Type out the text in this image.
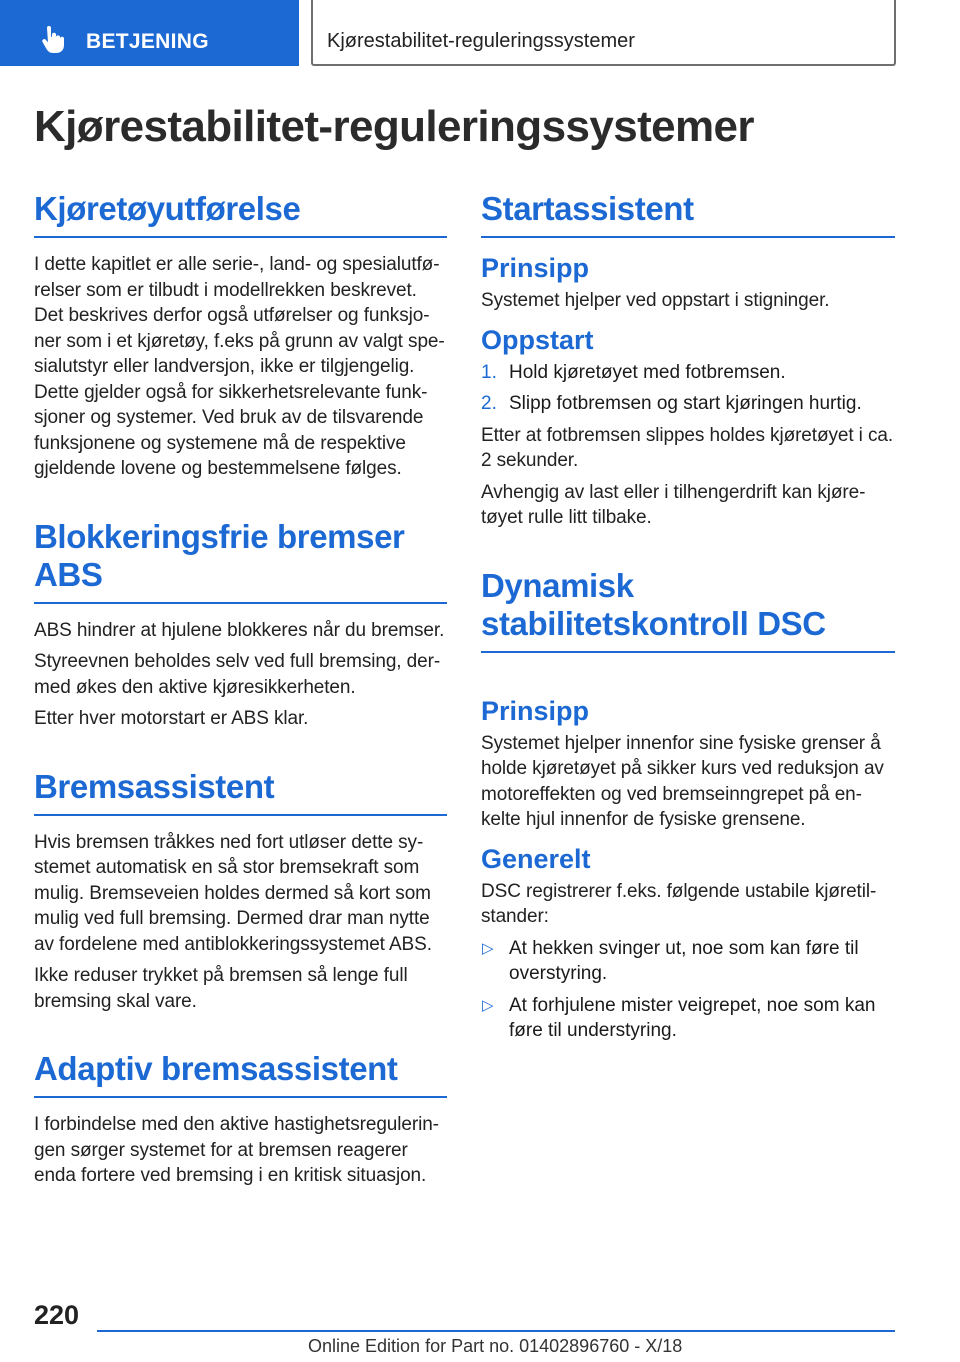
BETJENING	Kjørestabilitet-reguleringssystemer
Kjørestabilitet-reguleringssystemer
Kjøretøyutførelse

I dette kapitlet er alle serie-, land- og spesialutførelser som er tilbudt i modellrekken beskrevet. Det beskrives derfor også utførelser og funksjoner som i et kjøretøy, f.eks på grunn av valgt spesialutstyr eller landversjon, ikke er tilgjengelig. Dette gjelder også for sikkerhetsrelevante funksjoner og systemer. Ved bruk av de tilsvarende funksjonene og systemene må de respektive gjeldende lovene og bestemmelsene følges.

Blokkeringsfrie bremser ABS

ABS hindrer at hjulene blokkeres når du bremser.

Styreevnen beholdes selv ved full bremsing, dermed økes den aktive kjøresikkerheten.

Etter hver motorstart er ABS klar.

Bremsassistent

Hvis bremsen tråkkes ned fort utløser dette systemet automatisk en så stor bremsekraft som mulig. Bremseveien holdes dermed så kort som mulig ved full bremsing. Dermed drar man nytte av fordelene med antiblokkeringssystemet ABS.

Ikke reduser trykket på bremsen så lenge full bremsing skal vare.

Adaptiv bremsassistent

I forbindelse med den aktive hastighetsreguleringen sørger systemet for at bremsen reagerer enda fortere ved bremsing i en kritisk situasjon.

Startassistent
Prinsipp

Systemet hjelper ved oppstart i stigninger.

Oppstart
1. Hold kjøretøyet med fotbremsen.
2. Slipp fotbremsen og start kjøringen hurtig.

Etter at fotbremsen slippes holdes kjøretøyet i ca. 2 sekunder.

Avhengig av last eller i tilhengerdrift kan kjøretøyet rulle litt tilbake.

Dynamisk stabilitetskontroll DSC
Prinsipp

Systemet hjelper innenfor sine fysiske grenser å holde kjøretøyet på sikker kurs ved reduksjon av motoreffekten og ved bremseinngrepet på enkelte hjul innenfor de fysiske grensene.

Generelt

DSC registrerer f.eks. følgende ustabile kjøretilstander:

▷ At hekken svinger ut, noe som kan føre til overstyring.
▷ At forhjulene mister veigrepet, noe som kan føre til understyring.
220
Online Edition for Part no. 01402896760 - X/18
